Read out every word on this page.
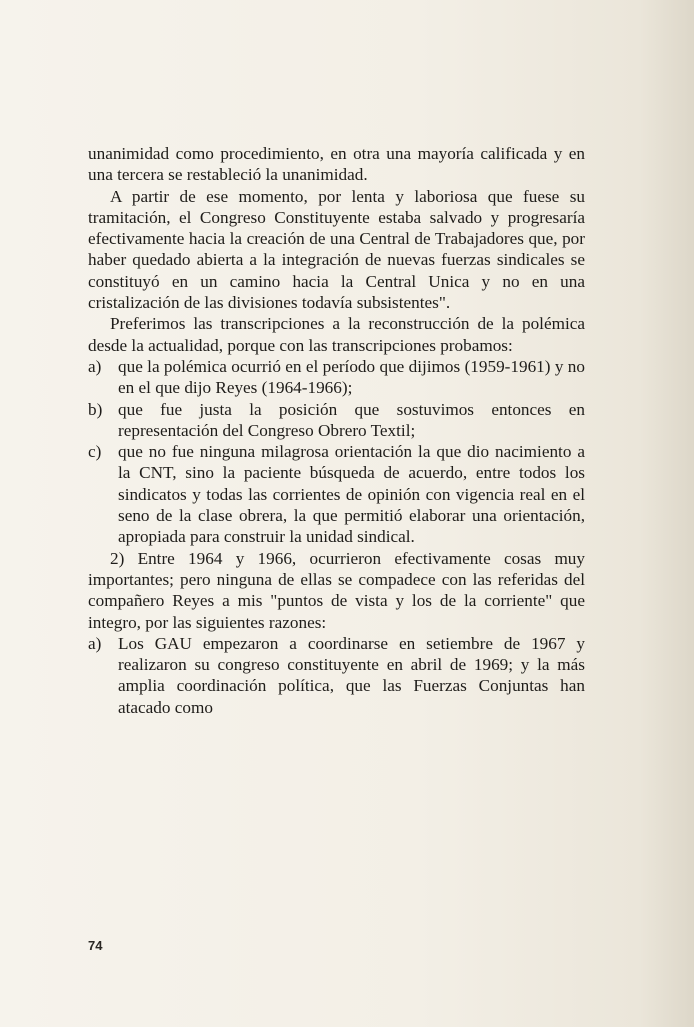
unanimidad como procedimiento, en otra una mayoría calificada y en una tercera se restableció la unanimidad.

A partir de ese momento, por lenta y laboriosa que fuese su tramitación, el Congreso Constituyente estaba salvado y progresaría efectivamente hacia la creación de una Central de Trabajadores que, por haber quedado abierta a la integración de nuevas fuerzas sindicales se constituyó en un camino hacia la Central Unica y no en una cristalización de las divisiones todavía subsistentes".

Preferimos las transcripciones a la reconstrucción de la polémica desde la actualidad, porque con las transcripciones probamos:

a) que la polémica ocurrió en el período que dijimos (1959-1961) y no en el que dijo Reyes (1964-1966);
b) que fue justa la posición que sostuvimos entonces en representación del Congreso Obrero Textil;
c) que no fue ninguna milagrosa orientación la que dio nacimiento a la CNT, sino la paciente búsqueda de acuerdo, entre todos los sindicatos y todas las corrientes de opinión con vigencia real en el seno de la clase obrera, la que permitió elaborar una orientación, apropiada para construir la unidad sindical.

2) Entre 1964 y 1966, ocurrieron efectivamente cosas muy importantes; pero ninguna de ellas se compadece con las referidas del compañero Reyes a mis "puntos de vista y los de la corriente" que integro, por las siguientes razones:

a) Los GAU empezaron a coordinarse en setiembre de 1967 y realizaron su congreso constituyente en abril de 1969; y la más amplia coordinación política, que las Fuerzas Conjuntas han atacado como
74
